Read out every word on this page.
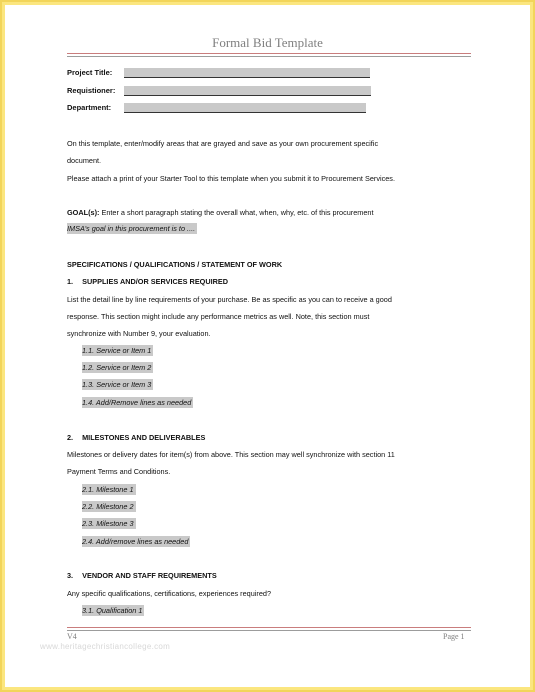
Formal Bid Template
Project Title:
Requistioner:
Department:
On this template, enter/modify areas that are grayed and save as your own procurement specific
document.
Please attach a print of your Starter Tool to this template when you submit it to Procurement Services.
GOAL(s): Enter a short paragraph stating the overall what, when, why, etc. of this procurement
IMSA’s goal in this procurement is to ....
SPECIFICATIONS / QUALIFICATIONS / STATEMENT OF WORK
1. SUPPLIES AND/OR SERVICES REQUIRED
List the detail line by line requirements of your purchase. Be as specific as you can to receive a good
response. This section might include any performance metrics as well. Note, this section must
synchronize with Number 9, your evaluation.
1.1. Service or Item 1
1.2. Service or Item 2
1.3. Service or Item 3
1.4. Add/Remove lines as needed
2. MILESTONES AND DELIVERABLES
Milestones or delivery dates for item(s) from above. This section may well synchronize with section 11
Payment Terms and Conditions.
2.1. Milestone 1
2.2. Milestone 2
2.3. Milestone 3
2.4. Add/remove lines as needed
3. VENDOR AND STAFF REQUIREMENTS
Any specific qualifications, certifications, experiences required?
3.1. Qualification 1
V4	Page 1
www.heritagechristiancollege.com
